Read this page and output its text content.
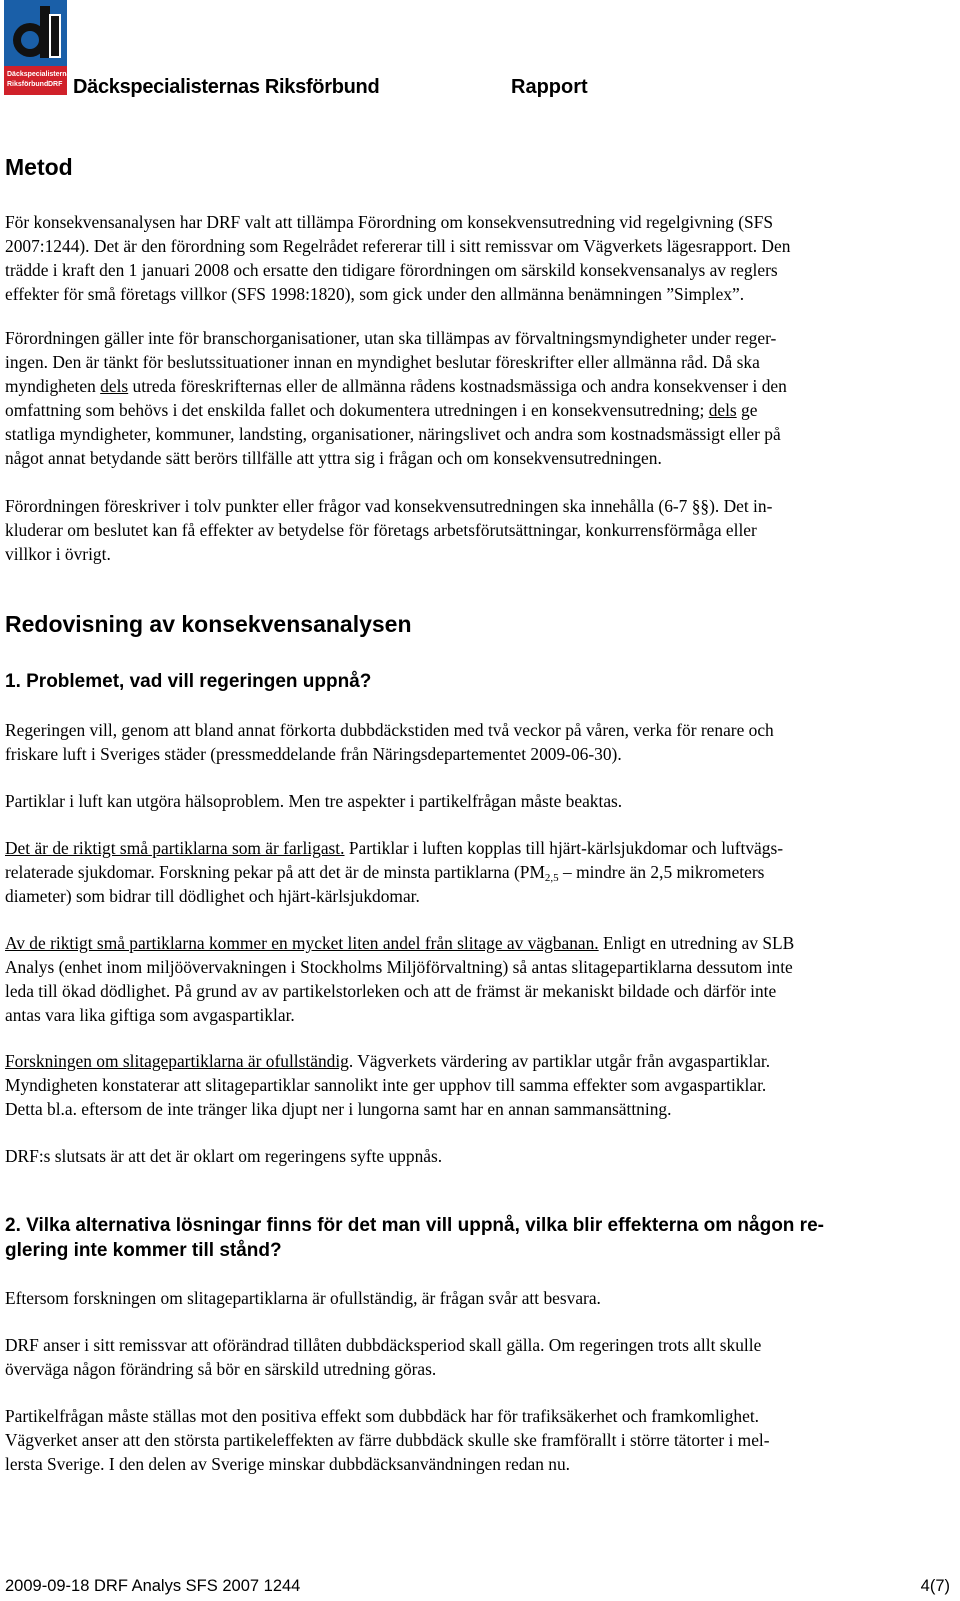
Däckspecialisternas
Riksförbund DRF Däckspecialisternas Riksförbund	Rapport
Metod
För konsekvensanalysen har DRF valt att tillämpa Förordning om konsekvensutredning vid regelgivning (SFS
2007:1244). Det är den förordning som Regelrådet refererar till i sitt remissvar om Vägverkets lägesrapport. Den
trädde i kraft den 1 januari 2008 och ersatte den tidigare förordningen om särskild konsekvensanalys av reglers
effekter för små företags villkor (SFS 1998:1820), som gick under den allmänna benämningen ”Simplex”.
Förordningen gäller inte för branschorganisationer, utan ska tillämpas av förvaltningsmyndigheter under reger-
ingen. Den är tänkt för beslutssituationer innan en myndighet beslutar föreskrifter eller allmänna råd. Då ska
myndigheten dels utreda föreskrifternas eller de allmänna rådens kostnadsmässiga och andra konsekvenser i den
omfattning som behövs i det enskilda fallet och dokumentera utredningen i en konsekvensutredning; dels ge
statliga myndigheter, kommuner, landsting, organisationer, näringslivet och andra som kostnadsmässigt eller på
något annat betydande sätt berörs tillfälle att yttra sig i frågan och om konsekvensutredningen.
Förordningen föreskriver i tolv punkter eller frågor vad konsekvensutredningen ska innehålla (6-7 §§). Det in-
kluderar om beslutet kan få effekter av betydelse för företags arbetsförutsättningar, konkurrensförmåga eller
villkor i övrigt.
Redovisning av konsekvensanalysen
1. Problemet, vad vill regeringen uppnå?
Regeringen vill, genom att bland annat förkorta dubbdäckstiden med två veckor på våren, verka för renare och
friskare luft i Sveriges städer (pressmeddelande från Näringsdepartementet 2009-06-30).
Partiklar i luft kan utgöra hälsoproblem. Men tre aspekter i partikelfrågan måste beaktas.
Det är de riktigt små partiklarna som är farligast. Partiklar i luften kopplas till hjärt-kärlsjukdomar och luftvägs-
relaterade sjukdomar. Forskning pekar på att det är de minsta partiklarna ($PM_{2,5}$ – mindre än 2,5 mikrometers
diameter) som bidrar till dödlighet och hjärt-kärlsjukdomar.
Av de riktigt små partiklarna kommer en mycket liten andel från slitage av vägbanan. Enligt en utredning av SLB
Analys (enhet inom miljöövervakningen i Stockholms Miljöförvaltning) så antas slitagepartiklarna dessutom inte
leda till ökad dödlighet. På grund av av partikelstorleken och att de främst är mekaniskt bildade och därför inte
antas vara lika giftiga som avgaspartiklar.
Forskningen om slitagepartiklarna är ofullständig. Vägverkets värdering av partiklar utgår från avgaspartiklar.
Myndigheten konstaterar att slitagepartiklar sannolikt inte ger upphov till samma effekter som avgaspartiklar.
Detta bl.a. eftersom de inte tränger lika djupt ner i lungorna samt har en annan sammansättning.
DRF:s slutsats är att det är oklart om regeringens syfte uppnås.
2. Vilka alternativa lösningar finns för det man vill uppnå, vilka blir effekterna om någon re-
glering inte kommer till stånd?
Eftersom forskningen om slitagepartiklarna är ofullständig, är frågan svår att besvara.
DRF anser i sitt remissvar att oförändrad tillåten dubbdäcksperiod skall gälla. Om regeringen trots allt skulle
överväga någon förändring så bör en särskild utredning göras.
Partikelfrågan måste ställas mot den positiva effekt som dubbdäck har för trafiksäkerhet och framkomlighet.
Vägverket anser att den största partikeleffekten av färre dubbdäck skulle ske framförallt i större tätorter i mel-
lersta Sverige. I den delen av Sverige minskar dubbdäcksanvändningen redan nu.
2009-09-18 DRF Analys SFS 2007 1244	4(7)
